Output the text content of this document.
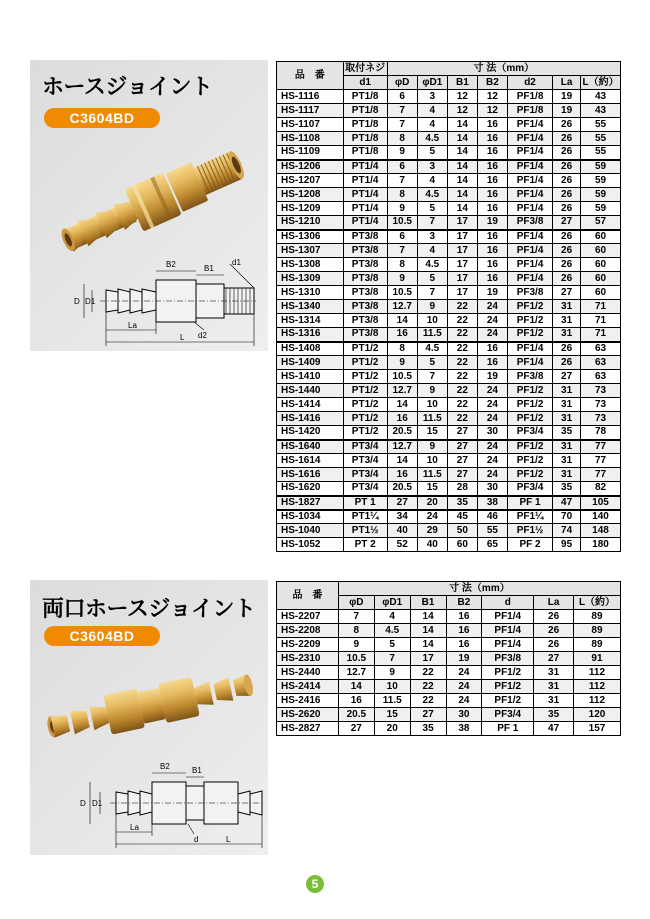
ホースジョイント
C3604BD
B2	B1
d1
D D1
La
L d2
品　番	取付ネジ	寸 法（mm）						
	d1	φD	φD1	B1	B2	d2	La	L（約）
HS-1116	PT1/8	6	3	12	12	PF1/8	19	43
HS-1117	PT1/8	7	4	12	12	PF1/8	19	43
HS-1107	PT1/8	7	4	14	16	PF1/4	26	55
HS-1108	PT1/8	8	4.5	14	16	PF1/4	26	55
HS-1109	PT1/8	9	5	14	16	PF1/4	26	55
HS-1206	PT1/4	6	3	14	16	PF1/4	26	59
HS-1207	PT1/4	7	4	14	16	PF1/4	26	59
HS-1208	PT1/4	8	4.5	14	16	PF1/4	26	59
HS-1209	PT1/4	9	5	14	16	PF1/4	26	59
HS-1210	PT1/4	10.5	7	17	19	PF3/8	27	57
HS-1306	PT3/8	6	3	17	16	PF1/4	26	60
HS-1307	PT3/8	7	4	17	16	PF1/4	26	60
HS-1308	PT3/8	8	4.5	17	16	PF1/4	26	60
HS-1309	PT3/8	9	5	17	16	PF1/4	26	60
HS-1310	PT3/8	10.5	7	17	19	PF3/8	27	60
HS-1340	PT3/8	12.7	9	22	24	PF1/2	31	71
HS-1314	PT3/8	14	10	22	24	PF1/2	31	71
HS-1316	PT3/8	16	11.5	22	24	PF1/2	31	71
HS-1408	PT1/2	8	4.5	22	16	PF1/4	26	63
HS-1409	PT1/2	9	5	22	16	PF1/4	26	63
HS-1410	PT1/2	10.5	7	22	19	PF3/8	27	63
HS-1440	PT1/2	12.7	9	22	24	PF1/2	31	73
HS-1414	PT1/2	14	10	22	24	PF1/2	31	73
HS-1416	PT1/2	16	11.5	22	24	PF1/2	31	73
HS-1420	PT1/2	20.5	15	27	30	PF3/4	35	78
HS-1640	PT3/4	12.7	9	27	24	PF1/2	31	77
HS-1614	PT3/4	14	10	27	24	PF1/2	31	77
HS-1616	PT3/4	16	11.5	27	24	PF1/2	31	77
HS-1620	PT3/4	20.5	15	28	30	PF3/4	35	82
HS-1827	PT 1	27	20	35	38	PF 1	47	105
HS-1034	PT1¼	34	24	45	46	PF1¼	70	140
HS-1040	PT1½	40	29	50	55	PF1½	74	148
HS-1052	PT 2	52	40	60	65	PF 2	95	180
両口ホースジョイント
C3604BD
B2	B1
D D1
La
L
d
品　番	寸 法（mm）						
	φD	φD1	B1	B2	d	La	L（約）
HS-2207	7	4	14	16	PF1/4	26	89
HS-2208	8	4.5	14	16	PF1/4	26	89
HS-2209	9	5	14	16	PF1/4	26	89
HS-2310	10.5	7	17	19	PF3/8	27	91
HS-2440	12.7	9	22	24	PF1/2	31	112
HS-2414	14	10	22	24	PF1/2	31	112
HS-2416	16	11.5	22	24	PF1/2	31	112
HS-2620	20.5	15	27	30	PF3/4	35	120
HS-2827	27	20	35	38	PF 1	47	157
5
